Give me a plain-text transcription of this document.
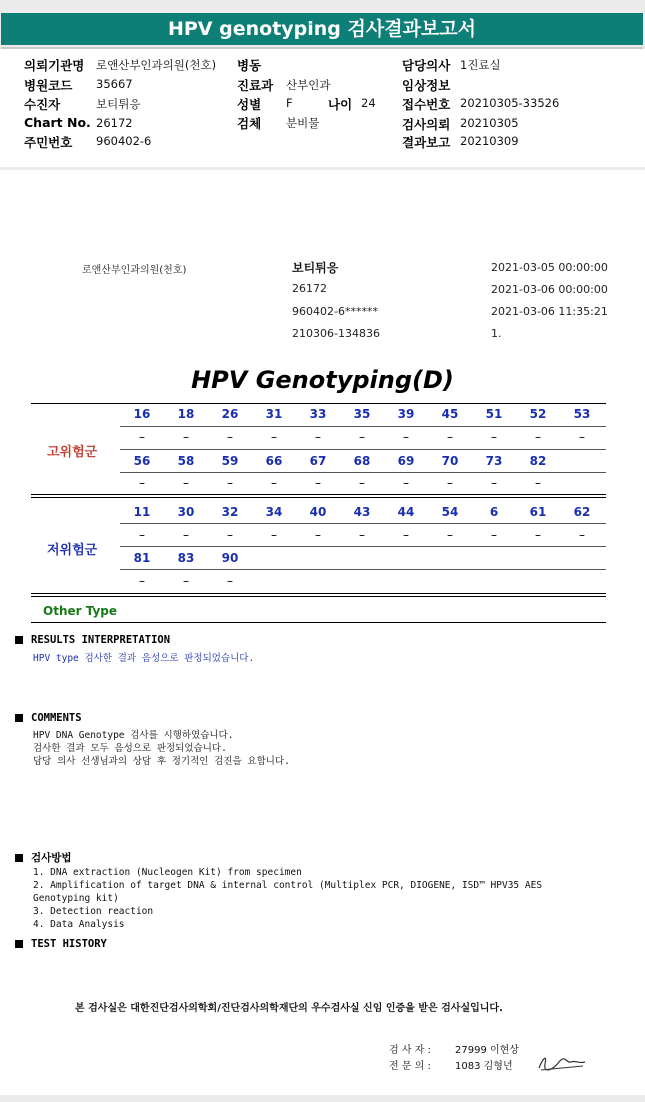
HPV genotyping 검사결과보고서
의뢰기관명 로앤산부인과의원(천호)
병원코드 35667
수진자	보티튀응
Chart No. 26172
주민번호 960402-6
병동
진료과 산부인과
성별 F	나이 24
검체 분비물
담당의사 1진료실
임상정보
접수번호 20210305-33526
검사의뢰 20210305
결과보고 20210309
로앤산부인과의원(천호)	보티튀응
26172
960402-6******
210306-134836
2021-03-05 00:00:00
2021-03-06 00:00:00
2021-03-06 11:35:21
1.
HPV Genotyping(D)
고위험군
저위험군
16	18	26	31	33	35	39	45	51	52	53
–	–	–	–	–	–	–	–	–	–	–
56	58	59	66	67	68	69	70	73	82
–	–	–	–	–	–	–	–	–	–
11	30	32	34	40	43	44	54	6	61	62
–	–	–	–	–	–	–	–	–	–	–
81	83	90
–	–	–
Other Type
RESULTS INTERPRETATION
HPV type 검사한 결과 음성으로 판정되었습니다.
COMMENTS
HPV DNA Genotype 검사를 시행하였습니다.
검사한 결과 모두 음성으로 판정되었습니다.
담당 의사 선생님과의 상담 후 정기적인 검진을 요합니다.
검사방법
1. DNA extraction (Nucleogen Kit) from specimen
2. Amplification of target DNA & internal control (Multiplex PCR, DIOGENE, ISD™ HPV35 AES
Genotyping kit)
3. Detection reaction
4. Data Analysis
TEST HISTORY
본 검사실은 대한진단검사의학회/진단검사의학재단의 우수검사실 신임 인증을 받은 검사실입니다.
검 사 자 : 27999 이현상
전 문 의 : 1083 김형년
